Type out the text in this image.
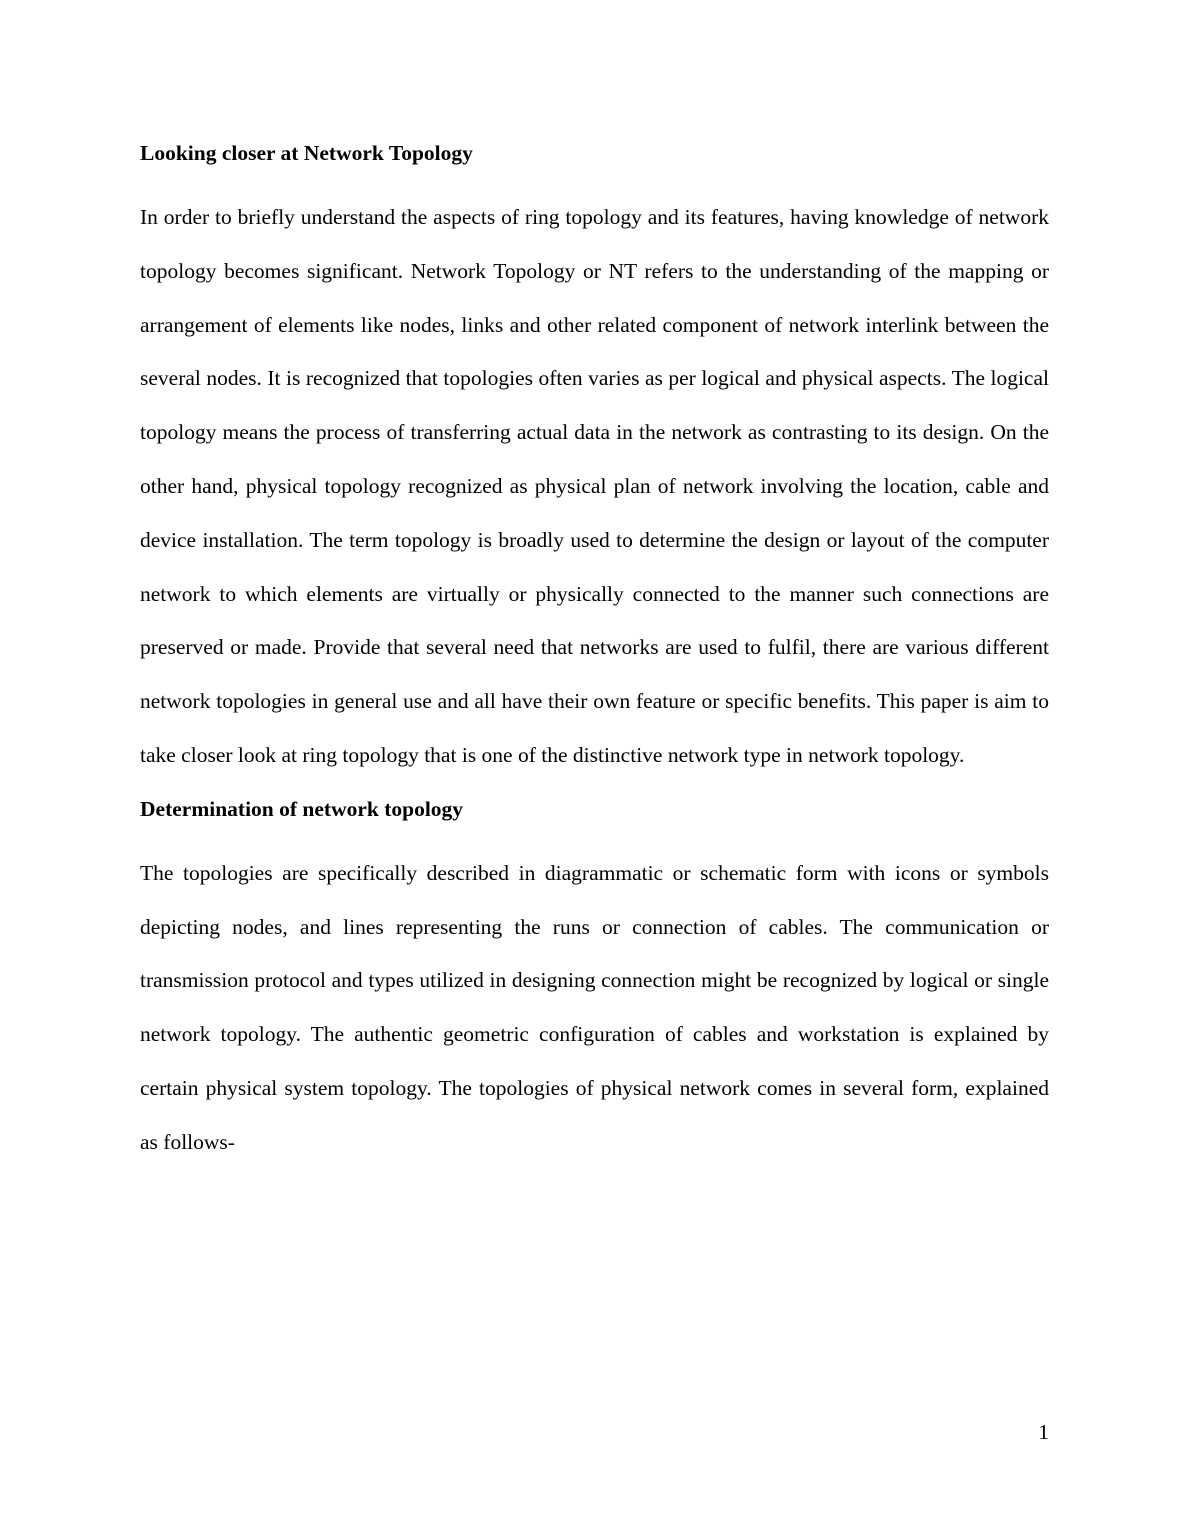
Looking closer at Network Topology

In order to briefly understand the aspects of ring topology and its features, having knowledge of network topology becomes significant. Network Topology or NT refers to the understanding of the mapping or arrangement of elements like nodes, links and other related component of network interlink between the several nodes. It is recognized that topologies often varies as per logical and physical aspects. The logical topology means the process of transferring actual data in the network as contrasting to its design. On the other hand, physical topology recognized as physical plan of network involving the location, cable and device installation. The term topology is broadly used to determine the design or layout of the computer network to which elements are virtually or physically connected to the manner such connections are preserved or made. Provide that several need that networks are used to fulfil, there are various different network topologies in general use and all have their own feature or specific benefits. This paper is aim to take closer look at ring topology that is one of the distinctive network type in network topology.

Determination of network topology

The topologies are specifically described in diagrammatic or schematic form with icons or symbols depicting nodes, and lines representing the runs or connection of cables. The communication or transmission protocol and types utilized in designing connection might be recognized by logical or single network topology. The authentic geometric configuration of cables and workstation is explained by certain physical system topology. The topologies of physical network comes in several form, explained as follows-

1
